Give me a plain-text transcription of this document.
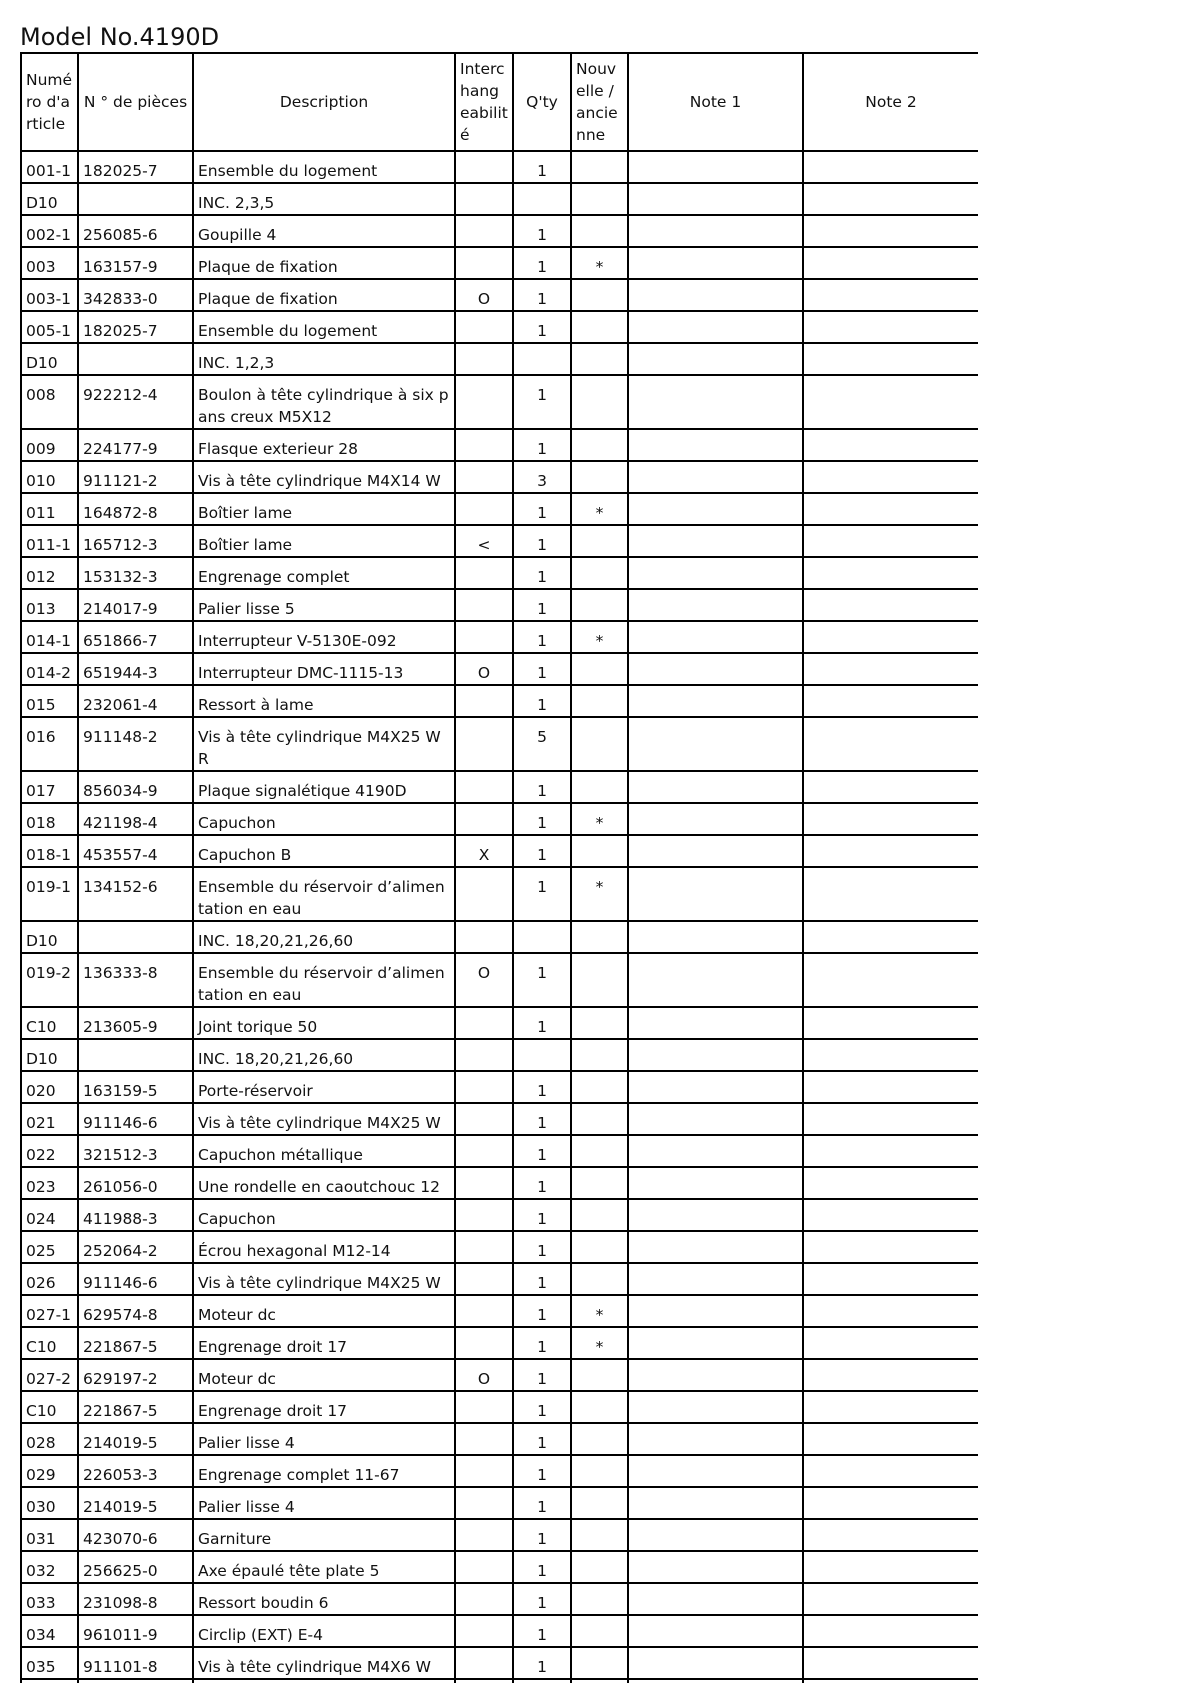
Model No.4190D
Numé ro d'a rticle	N ° de pièces	Description	Interc hang eabilit é	Q'ty	Nouv elle / ancie nne	Note 1	Note 2
001-1	182025-7	Ensemble du logement		1			
D10		INC. 2,3,5					
002-1	256085-6	Goupille 4		1			
003	163157-9	Plaque de fixation		1	*		
003-1	342833-0	Plaque de fixation	O	1			
005-1	182025-7	Ensemble du logement		1			
D10		INC. 1,2,3					
008	922212-4	Boulon à tête cylindrique à six pans creux M5X12		1			
009	224177-9	Flasque exterieur 28		1			
010	911121-2	Vis à tête cylindrique M4X14 W		3			
011	164872-8	Boîtier lame		1	*		
011-1	165712-3	Boîtier lame	<	1			
012	153132-3	Engrenage complet		1			
013	214017-9	Palier lisse 5		1			
014-1	651866-7	Interrupteur V-5130E-092		1	*		
014-2	651944-3	Interrupteur DMC-1115-13	O	1			
015	232061-4	Ressort à lame		1			
016	911148-2	Vis à tête cylindrique M4X25 WR		5			
017	856034-9	Plaque signalétique 4190D		1			
018	421198-4	Capuchon		1	*		
018-1	453557-4	Capuchon B	X	1			
019-1	134152-6	Ensemble du réservoir d’alimentation en eau		1	*		
D10		INC. 18,20,21,26,60					
019-2	136333-8	Ensemble du réservoir d’alimentation en eau	O	1			
C10	213605-9	Joint torique 50		1			
D10		INC. 18,20,21,26,60					
020	163159-5	Porte-réservoir		1			
021	911146-6	Vis à tête cylindrique M4X25 W		1			
022	321512-3	Capuchon métallique		1			
023	261056-0	Une rondelle en caoutchouc 12		1			
024	411988-3	Capuchon		1			
025	252064-2	Écrou hexagonal M12-14		1			
026	911146-6	Vis à tête cylindrique M4X25 W		1			
027-1	629574-8	Moteur dc		1	*		
C10	221867-5	Engrenage droit 17		1	*		
027-2	629197-2	Moteur dc	O	1			
C10	221867-5	Engrenage droit 17		1			
028	214019-5	Palier lisse 4		1			
029	226053-3	Engrenage complet 11-67		1			
030	214019-5	Palier lisse 4		1			
031	423070-6	Garniture		1			
032	256625-0	Axe épaulé tête plate 5		1			
033	231098-8	Ressort boudin 6		1			
034	961011-9	Circlip (EXT) E-4		1			
035	911101-8	Vis à tête cylindrique M4X6 W		1			
